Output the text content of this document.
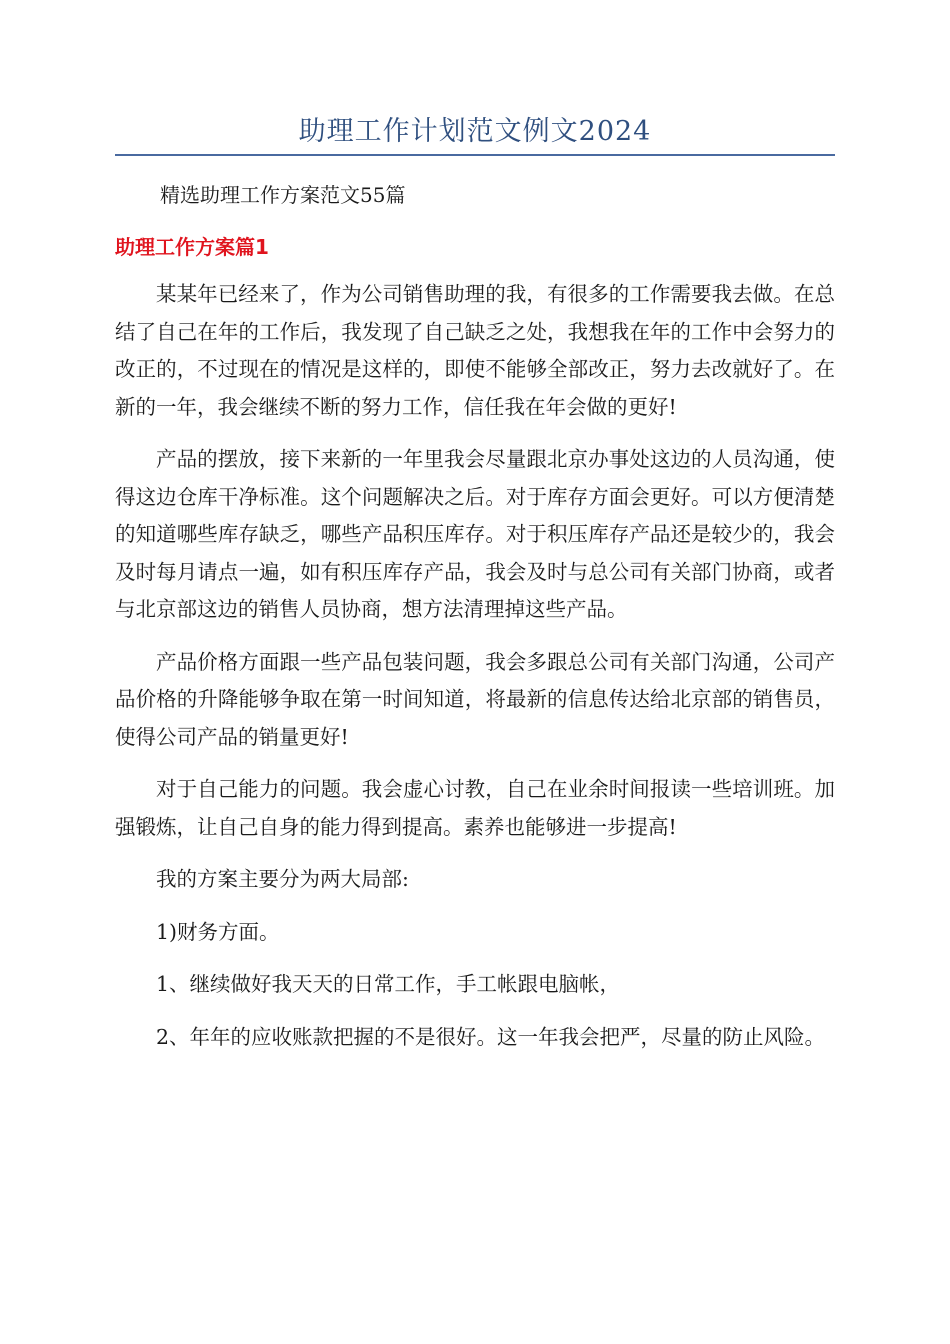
助理工作计划范文例文2024
精选助理工作方案范文55篇
助理工作方案篇1

某某年已经来了，作为公司销售助理的我，有很多的工作需要我去做。在总结了自己在年的工作后，我发现了自己缺乏之处，我想我在年的工作中会努力的改正的，不过现在的情况是这样的，即使不能够全部改正，努力去改就好了。在新的一年，我会继续不断的努力工作，信任我在年会做的更好!

产品的摆放，接下来新的一年里我会尽量跟北京办事处这边的人员沟通，使得这边仓库干净标准。这个问题解决之后。对于库存方面会更好。可以方便清楚的知道哪些库存缺乏，哪些产品积压库存。对于积压库存产品还是较少的，我会及时每月请点一遍，如有积压库存产品，我会及时与总公司有关部门协商，或者与北京部这边的销售人员协商，想方法清理掉这些产品。

产品价格方面跟一些产品包装问题，我会多跟总公司有关部门沟通，公司产品价格的升降能够争取在第一时间知道，将最新的信息传达给北京部的销售员，使得公司产品的销量更好!

对于自己能力的问题。我会虚心讨教，自己在业余时间报读一些培训班。加强锻炼，让自己自身的能力得到提高。素养也能够进一步提高!

我的方案主要分为两大局部:

1)财务方面。

1、继续做好我天天的日常工作，手工帐跟电脑帐，

2、年年的应收账款把握的不是很好。这一年我会把严，尽量的防止风险。
